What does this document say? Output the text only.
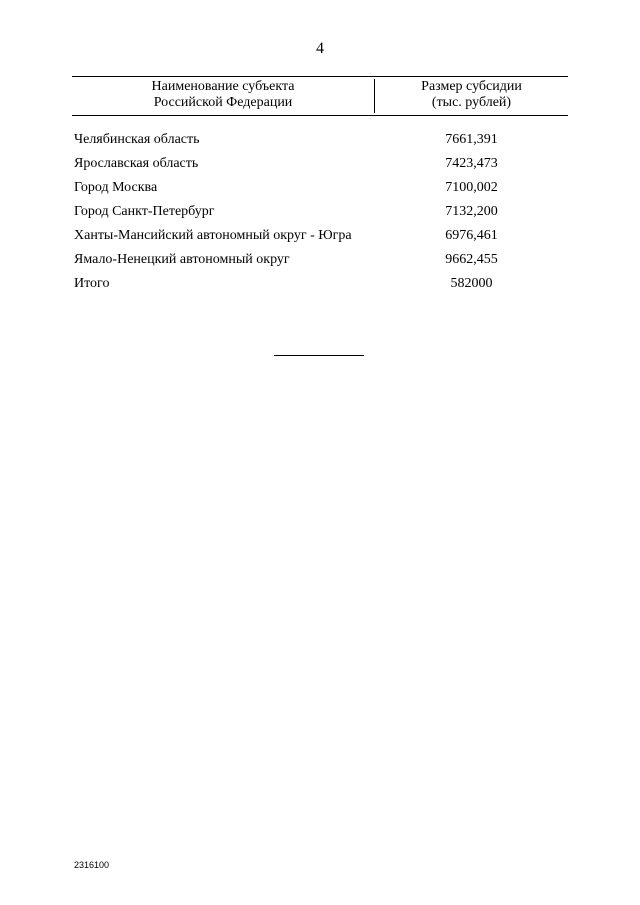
4
Наименование субъекта
Российской Федерации
Размер субсидии
(тыс. рублей)
Челябинская область	7661,391
Ярославская область	7423,473
Город Москва	7100,002
Город Санкт-Петербург	7132,200
Ханты-Мансийский автономный округ - Югра	6976,461
Ямало-Ненецкий автономный округ	9662,455
Итого	582000
2316100
